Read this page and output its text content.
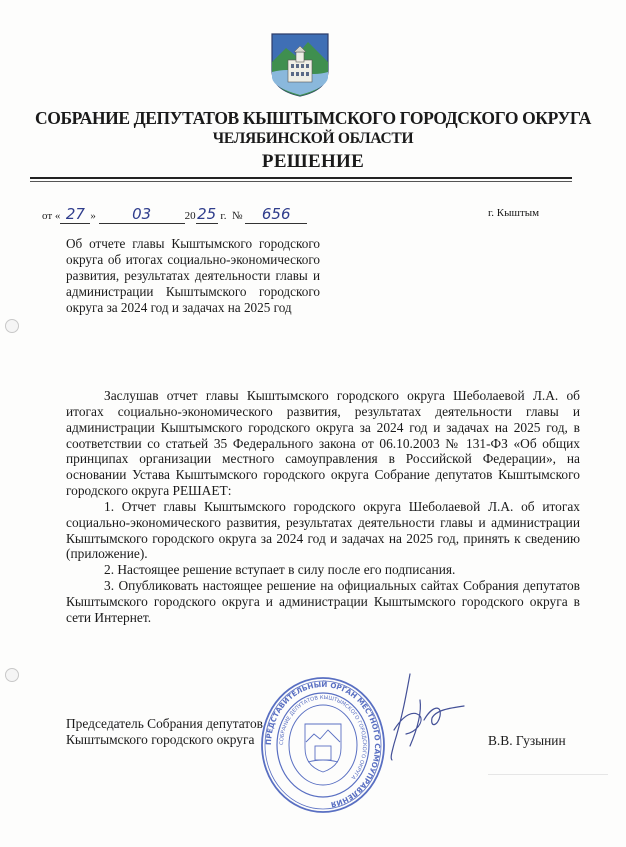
СОБРАНИЕ ДЕПУТАТОВ КЫШТЫМСКОГО ГОРОДСКОГО ОКРУГА
ЧЕЛЯБИНСКОЙ ОБЛАСТИ
РЕШЕНИЕ
от « 27 » 03	2025 г. № 656	г. Кыштым
Об отчете главы Кыштымского городского округа об итогах социально-экономического развития, результатах деятельности главы и администрации Кыштымского городского округа за 2024 год и задачах на 2025 год

Заслушав отчет главы Кыштымского городского округа Шеболаевой Л.А. об итогах социально-экономического развития, результатах деятельности главы и администрации Кыштымского городского округа за 2024 год и задачах на 2025 год, в соответствии со статьей 35 Федерального закона от 06.10.2003 № 131-ФЗ «Об общих принципах организации местного самоуправления в Российской Федерации», на основании Устава Кыштымского городского округа Собрание депутатов Кыштымского городского округа РЕШАЕТ:

1. Отчет главы Кыштымского городского округа Шеболаевой Л.А. об итогах социально-экономического развития, результатах деятельности главы и администрации Кыштымского городского округа за 2024 год и задачах на 2025 год, принять к сведению (приложение).

2. Настоящее решение вступает в силу после его подписания.

3. Опубликовать настоящее решение на официальных сайтах Собрания депутатов Кыштымского городского округа и администрации Кыштымского городского округа в сети Интернет.

Председатель Собрания депутатов
Кыштымского городского округа	В.В. Гузынин
ПРЕДСТАВИТЕЛЬНЫЙ ОРГАН МЕСТНОГО САМОУПРАВЛЕНИЯ
СОБРАНИЕ ДЕПУТАТОВ КЫШТЫМСКОГО ГОРОДСКОГО ОКРУГА
